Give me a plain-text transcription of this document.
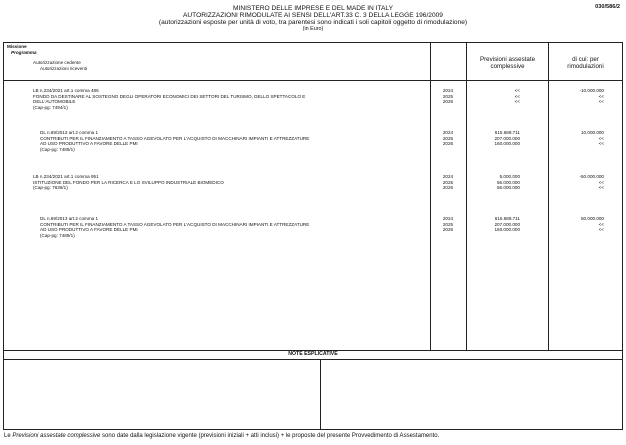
030/586/2
MINISTERO DELLE IMPRESE E DEL MADE IN ITALY
AUTORIZZAZIONI RIMODULATE AI SENSI DELL'ART.33 C. 3 DELLA LEGGE 196/2009
(autorizzazioni esposte per unità di voto, tra parentesi sono indicati i soli capitoli oggetto di rimodulazione)
(in Euro)
Missione
Programma
Autorizzazione cedente
Autorizzazioni riceventi
Previsioni assestate
complessive
di cui: per
rimodulazioni
LB n.234/2021 art.1 comma 486
FONDO DA DESTINARE AL SOSTEGNO DEGLI OPERATORI ECONOMICI DEI SETTORI DEL TURISMO, DELLO SPETTACOLO E
DELL'AUTOMOBILE
(Cap-pg: 7494/1)
2024
2025
2026
<<
<<
<<
-10.000.000
<<
<<
DL n.69/2013 art.2 comma 1
CONTRIBUTI PER IL FINANZIAMENTO A TASSO AGEVOLATO PER L'ACQUISTO DI MACCHINARI IMPIANTI E ATTREZZATURE
AD USO PRODUTTIVO A FAVORE DELLE PMI
(Cap-pg: 7489/1)
2024
2025
2026
615.689.711
207.000.000
160.000.000
10.000.000
<<
<<
LB n.234/2021 art.1 comma 951
ISTITUZIONE DEL FONDO PER LA RICERCA E LO SVILUPPO INDUSTRIALE BIOMEDICO
(Cap-pg: 7636/1)
2024
2025
2026
5.000.000
56.000.000
56.000.000
-50.000.000
<<
<<
DL n.69/2013 art.2 comma 1
CONTRIBUTI PER IL FINANZIAMENTO A TASSO AGEVOLATO PER L'ACQUISTO DI MACCHINARI IMPIANTI E ATTREZZATURE
AD USO PRODUTTIVO A FAVORE DELLE PMI
(Cap-pg: 7489/1)
2024
2025
2026
615.689.711
207.000.000
160.000.000
50.000.000
<<
<<
NOTE ESPLICATIVE
Le Previsioni assestate complessive sono date dalla legislazione vigente (previsioni iniziali + atti inclusi) + le proposte del presente Provvedimento di Assestamento.
